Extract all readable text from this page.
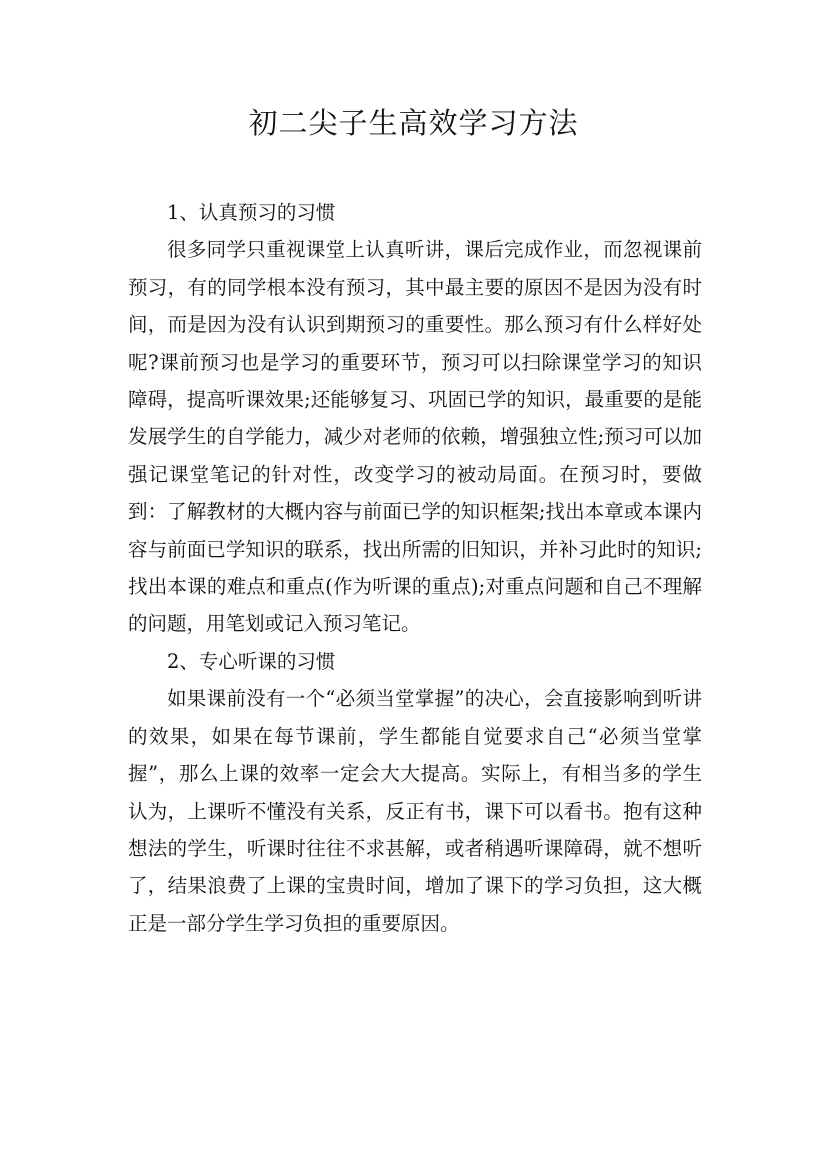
初二尖子生高效学习方法

1、认真预习的习惯

很多同学只重视课堂上认真听讲，课后完成作业，而忽视课前预习，有的同学根本没有预习，其中最主要的原因不是因为没有时间，而是因为没有认识到期预习的重要性。那么预习有什么样好处呢?课前预习也是学习的重要环节，预习可以扫除课堂学习的知识障碍，提高听课效果;还能够复习、巩固已学的知识，最重要的是能发展学生的自学能力，减少对老师的依赖，增强独立性;预习可以加强记课堂笔记的针对性，改变学习的被动局面。在预习时，要做到：了解教材的大概内容与前面已学的知识框架;找出本章或本课内容与前面已学知识的联系，找出所需的旧知识，并补习此时的知识;找出本课的难点和重点(作为听课的重点);对重点问题和自己不理解的问题，用笔划或记入预习笔记。

2、专心听课的习惯

如果课前没有一个“必须当堂掌握”的决心，会直接影响到听讲的效果，如果在每节课前，学生都能自觉要求自己“必须当堂掌握”，那么上课的效率一定会大大提高。实际上，有相当多的学生认为，上课听不懂没有关系，反正有书，课下可以看书。抱有这种想法的学生，听课时往往不求甚解，或者稍遇听课障碍，就不想听了，结果浪费了上课的宝贵时间，增加了课下的学习负担，这大概正是一部分学生学习负担的重要原因。
